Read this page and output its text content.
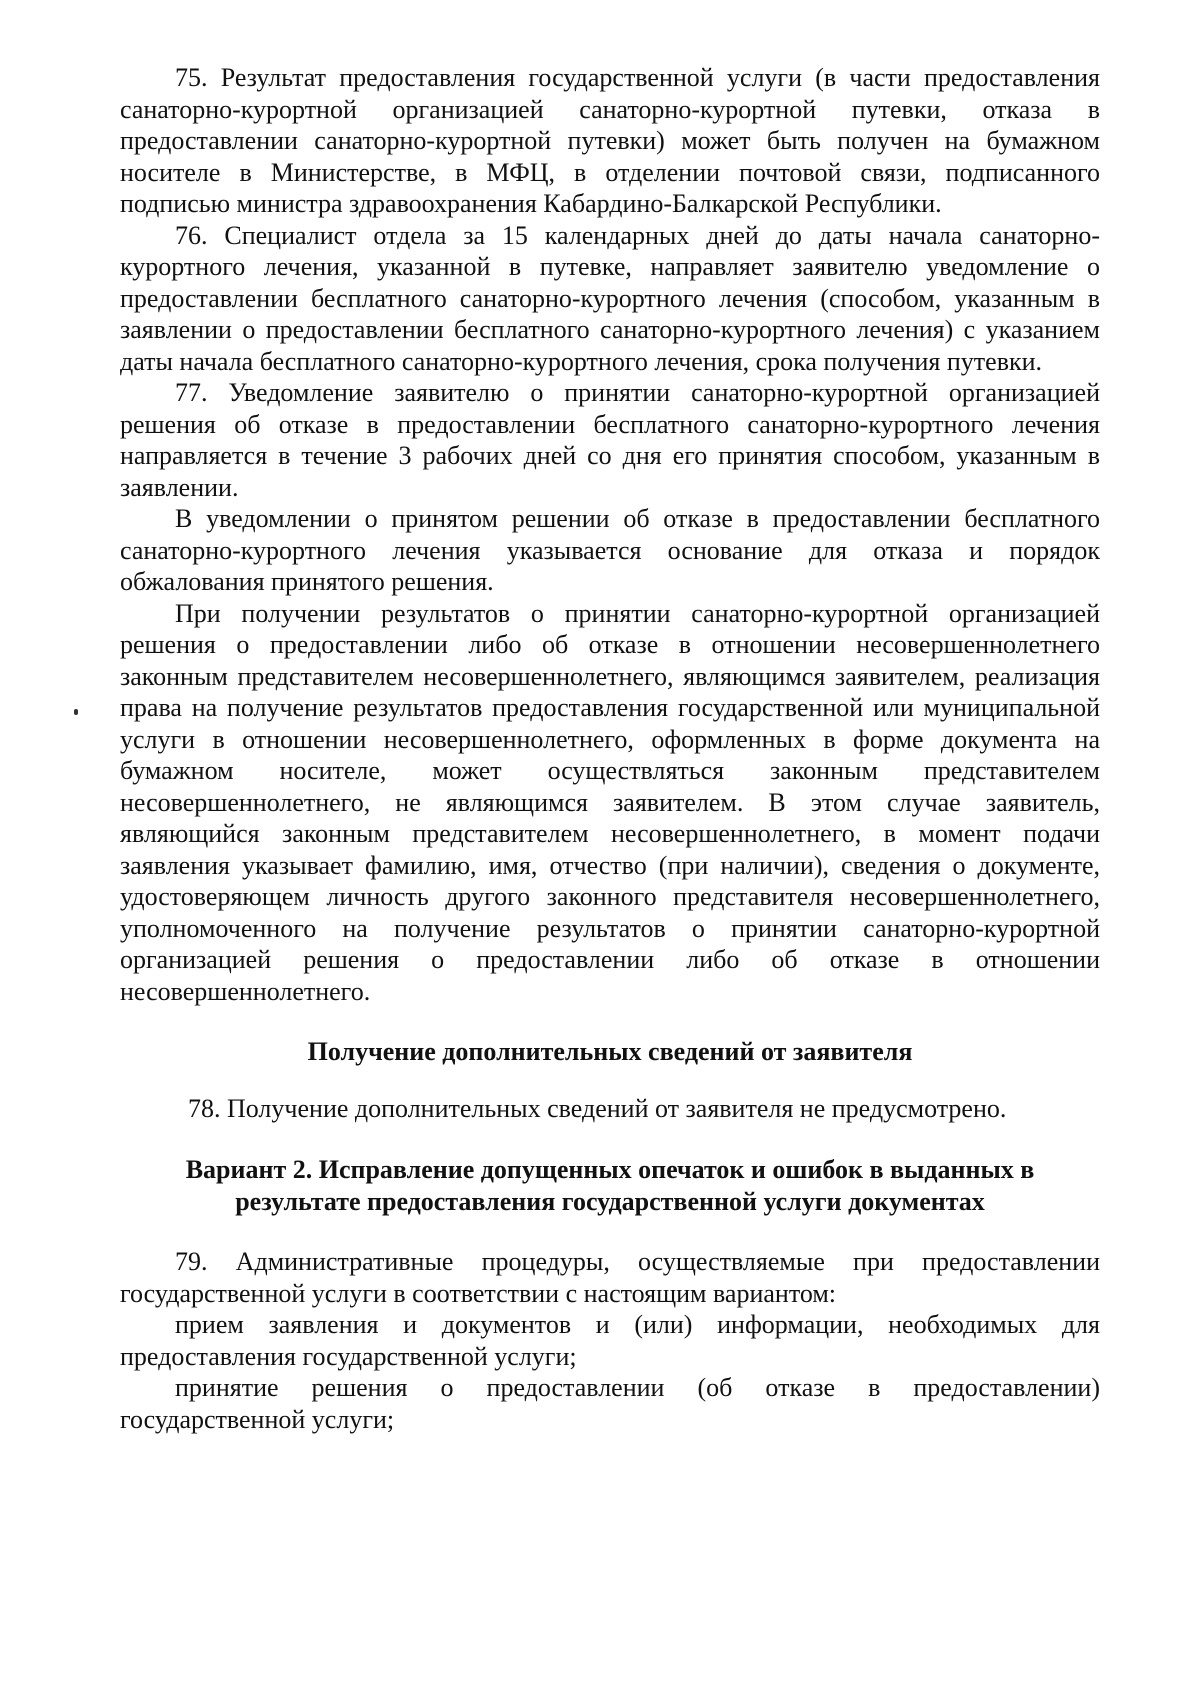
75. Результат предоставления государственной услуги (в части предоставления санаторно-курортной организацией санаторно-курортной путевки, отказа в предоставлении санаторно-курортной путевки) может быть получен на бумажном носителе в Министерстве, в МФЦ, в отделении почтовой связи, подписанного подписью министра здравоохранения Кабардино-Балкарской Республики.

76. Специалист отдела за 15 календарных дней до даты начала санаторно-курортного лечения, указанной в путевке, направляет заявителю уведомление о предоставлении бесплатного санаторно-курортного лечения (способом, указанным в заявлении о предоставлении бесплатного санаторно-курортного лечения) с указанием даты начала бесплатного санаторно-курортного лечения, срока получения путевки.

77. Уведомление заявителю о принятии санаторно-курортной организацией решения об отказе в предоставлении бесплатного санаторно-курортного лечения направляется в течение 3 рабочих дней со дня его принятия способом, указанным в заявлении.

В уведомлении о принятом решении об отказе в предоставлении бесплатного санаторно-курортного лечения указывается основание для отказа и порядок обжалования принятого решения.

При получении результатов о принятии санаторно-курортной организацией решения о предоставлении либо об отказе в отношении несовершеннолетнего законным представителем несовершеннолетнего, являющимся заявителем, реализация права на получение результатов предоставления государственной или муниципальной услуги в отношении несовершеннолетнего, оформленных в форме документа на бумажном носителе, может осуществляться законным представителем несовершеннолетнего, не являющимся заявителем. В этом случае заявитель, являющийся законным представителем несовершеннолетнего, в момент подачи заявления указывает фамилию, имя, отчество (при наличии), сведения о документе, удостоверяющем личность другого законного представителя несовершеннолетнего, уполномоченного на получение результатов о принятии санаторно-курортной организацией решения о предоставлении либо об отказе в отношении несовершеннолетнего.

Получение дополнительных сведений от заявителя

78. Получение дополнительных сведений от заявителя не предусмотрено.

Вариант 2. Исправление допущенных опечаток и ошибок в выданных в результате предоставления государственной услуги документах

79. Административные процедуры, осуществляемые при предоставлении государственной услуги в соответствии с настоящим вариантом:

прием заявления и документов и (или) информации, необходимых для предоставления государственной услуги;

принятие решения о предоставлении (об отказе в предоставлении) государственной услуги;
